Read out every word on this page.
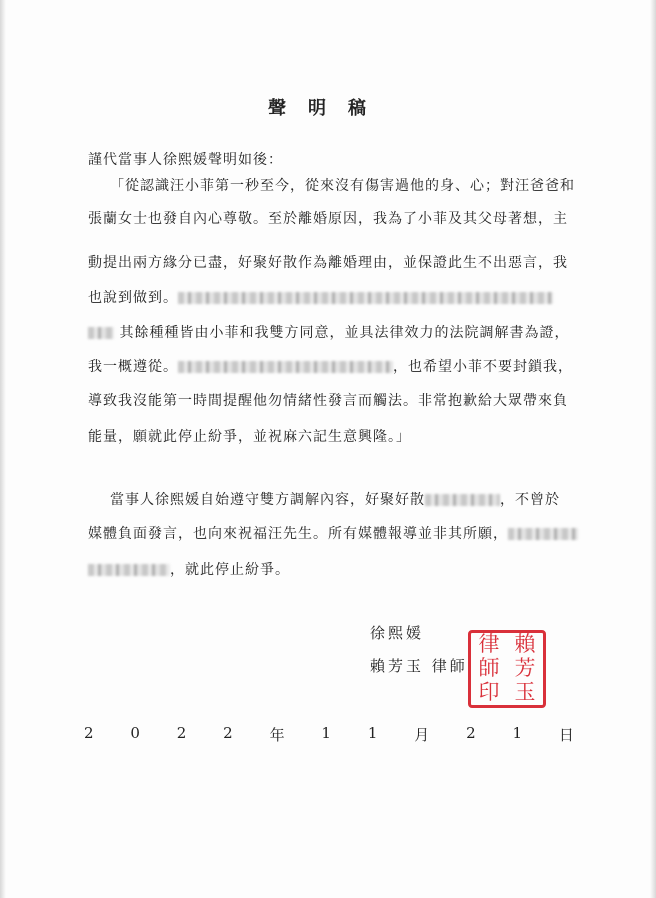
聲明稿
謹代當事人徐熙媛聲明如後：
「從認識汪小菲第一秒至今，從來沒有傷害過他的身、心；對汪爸爸和
張蘭女士也發自內心尊敬。至於離婚原因，我為了小菲及其父母著想，主
動提出兩方緣分已盡，好聚好散作為離婚理由，並保證此生不出惡言，我
也說到做到。
其餘種種皆由小菲和我雙方同意，並具法律效力的法院調解書為證，
我一概遵從。	，也希望小菲不要封鎖我，
導致我沒能第一時間提醒他勿情緒性發言而觸法。非常抱歉給大眾帶來負
能量，願就此停止紛爭，並祝麻六記生意興隆。」
當事人徐熙媛自始遵守雙方調解內容，好聚好散	，不曾於
媒體負面發言，也向來祝福汪先生。所有媒體報導並非其所願，
，就此停止紛爭。
徐熙媛
賴芳玉 律師
賴
芳
玉
律
師
印
2 0 2 2 年 1 1 月 2 1 日
